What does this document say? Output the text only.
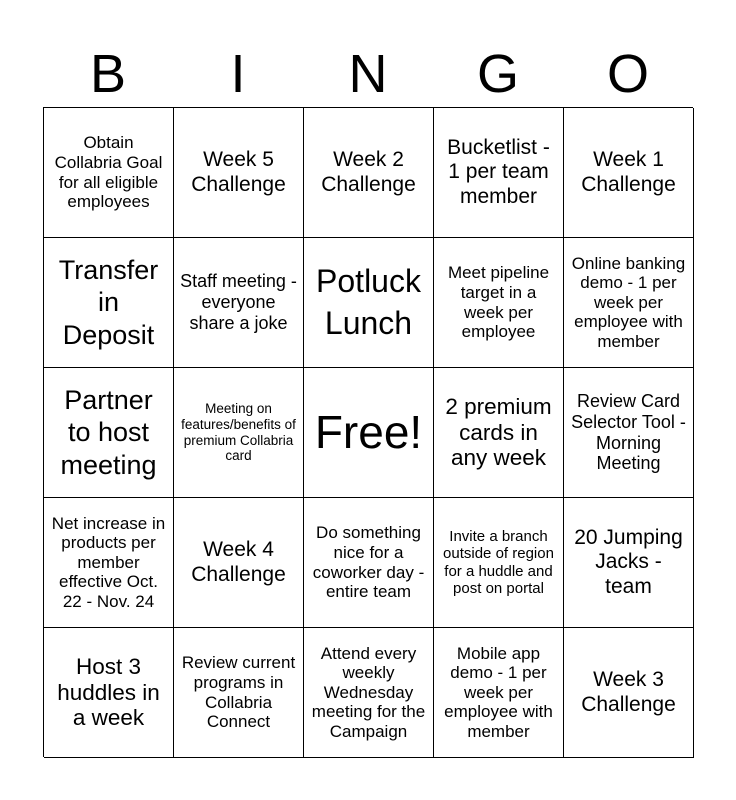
B	I	N	G	O
Obtain Collabria Goal for all eligible employees
Week 5 Challenge
Week 2 Challenge
Bucketlist - 1 per team member
Week 1 Challenge
Transfer in Deposit
Staff meeting - everyone share a joke
Potluck Lunch
Meet pipeline target in a week per employee
Online banking demo - 1 per week per employee with member
Partner to host meeting
Meeting on features/benefits of premium Collabria card	Free!	2 premium cards in any week
Review Card Selector Tool - Morning Meeting
Net increase in products per member effective Oct. 22 - Nov. 24
Week 4 Challenge
Do something nice for a coworker day - entire team
Invite a branch outside of region for a huddle and post on portal
20 Jumping Jacks - team
Host 3 huddles in a week
Review current programs in Collabria Connect
Attend every weekly Wednesday meeting for the Campaign
Mobile app demo - 1 per week per employee with member
Week 3 Challenge
